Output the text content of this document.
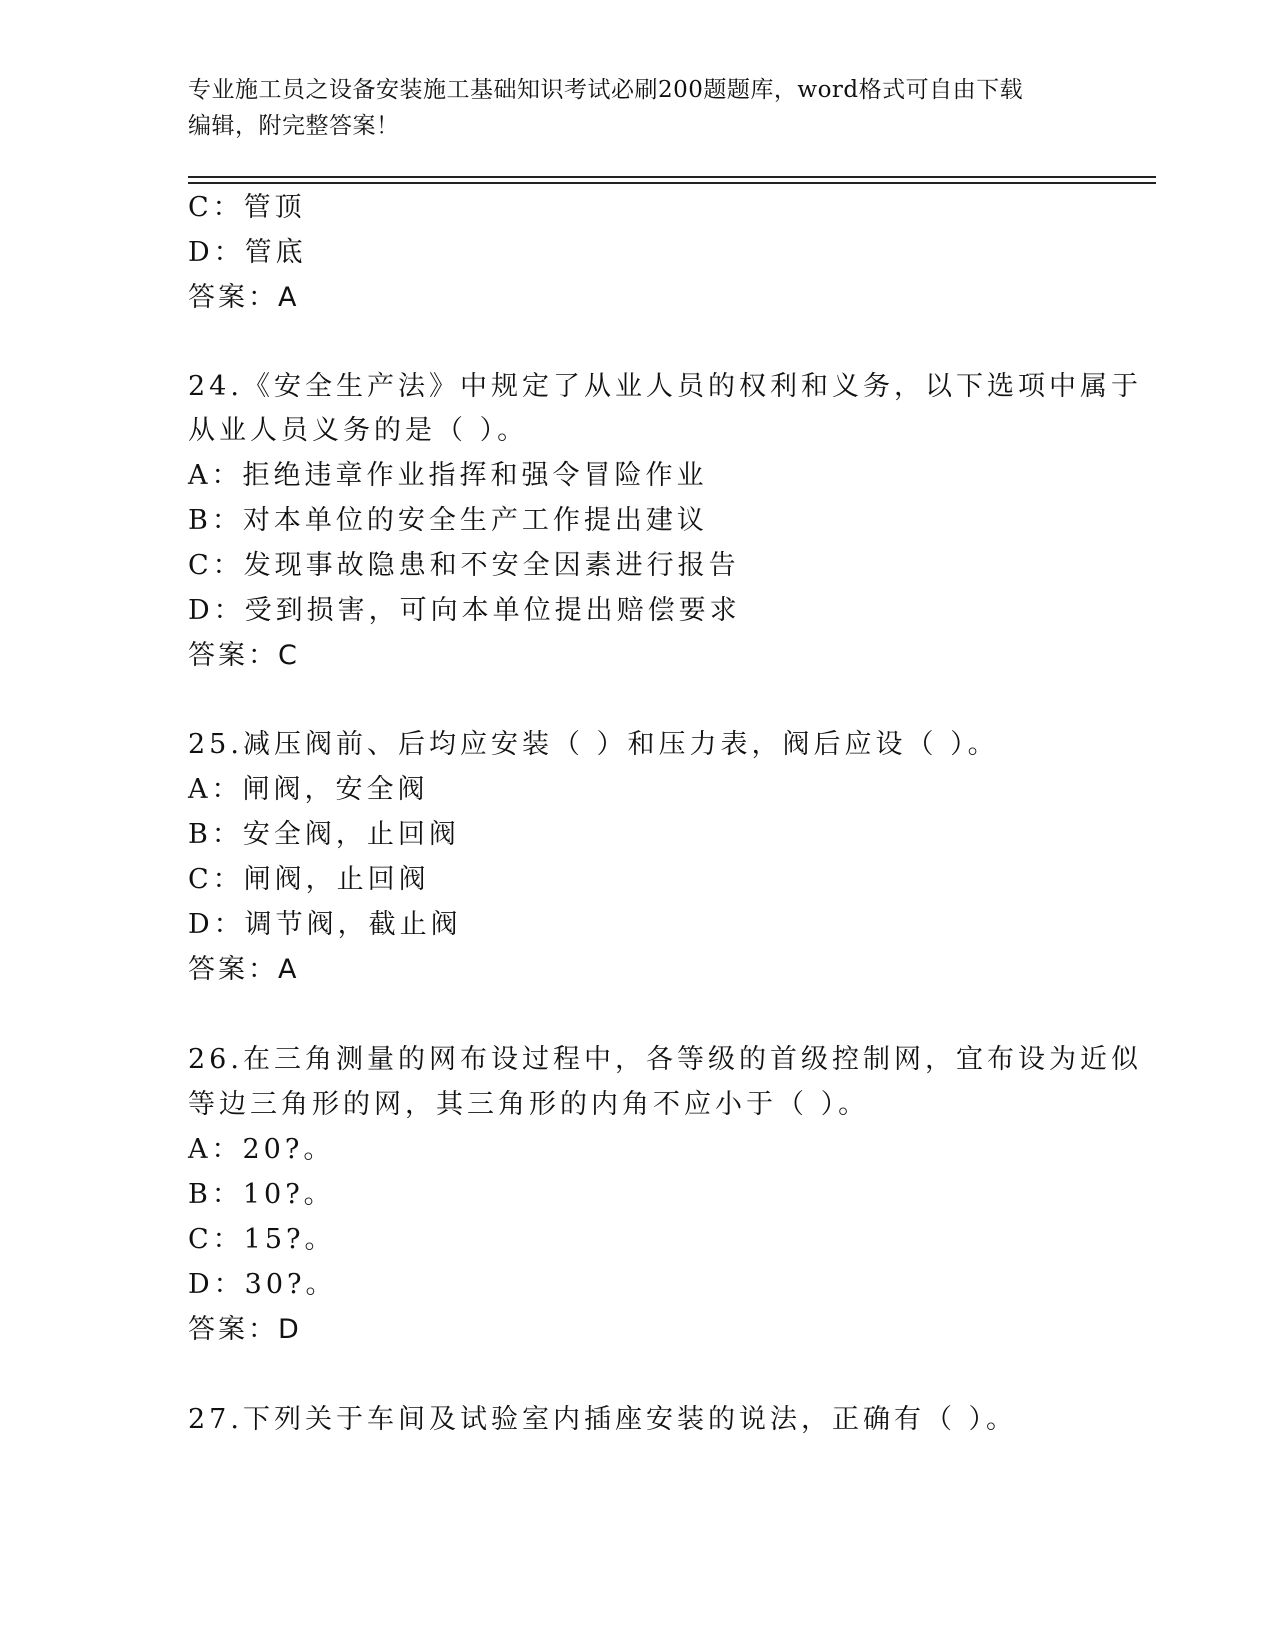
专业施工员之设备安装施工基础知识考试必刷200题题库，word格式可自由下载
编辑，附完整答案！
C：管顶
D：管底
答案：A
24.《安全生产法》中规定了从业人员的权利和义务，以下选项中属于
从业人员义务的是（ ）。
A：拒绝违章作业指挥和强令冒险作业
B：对本单位的安全生产工作提出建议
C：发现事故隐患和不安全因素进行报告
D：受到损害，可向本单位提出赔偿要求
答案：C
25.减压阀前、后均应安装（ ）和压力表，阀后应设（ ）。
A：闸阀，安全阀
B：安全阀，止回阀
C：闸阀，止回阀
D：调节阀，截止阀
答案：A
26.在三角测量的网布设过程中，各等级的首级控制网，宜布设为近似
等边三角形的网，其三角形的内角不应小于（ ）。
A：20?。
B：10?。
C：15?。
D：30?。
答案：D
27.下列关于车间及试验室内插座安装的说法，正确有（ ）。
